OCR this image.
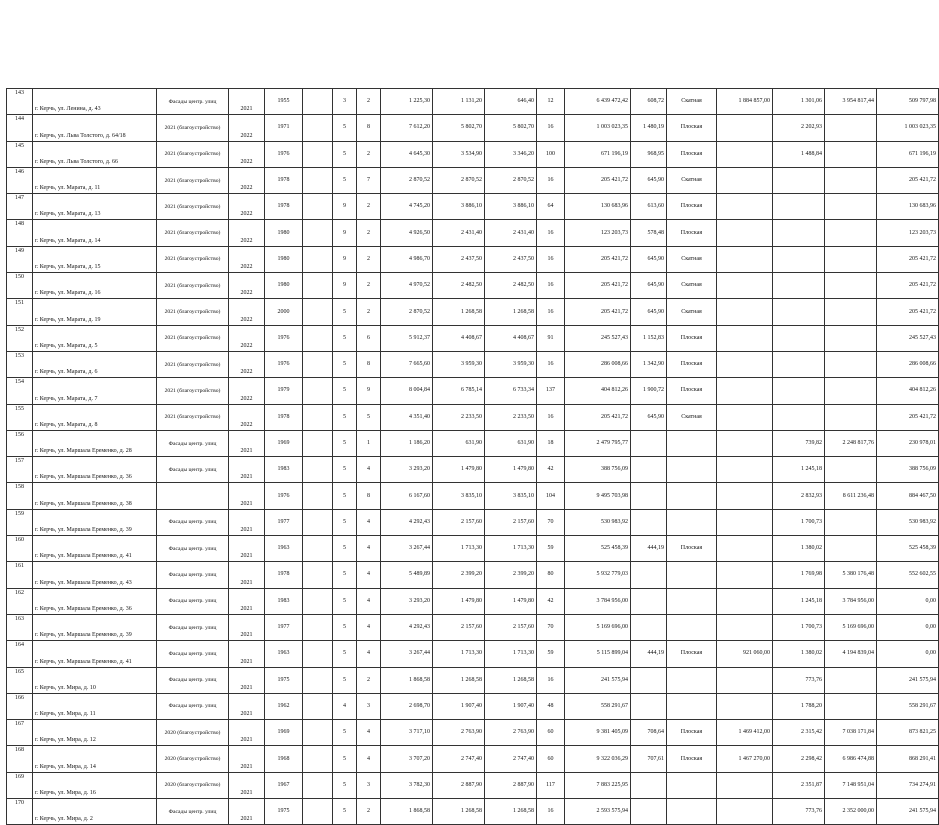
143	г. Керчь, ул. Ленина, д. 43	Фасады центр. улиц	2021	1955		3	2	1 225,30	1 131,20	646,40	12	6 439 472,42	608,72	Скатная	1 884 857,00	1 301,06	3 954 817,44	509 797,98
144	г. Керчь, ул. Льва Толстого, д. 64/18	2021 (благоустройство)	2022	1971		5	8	7 612,20	5 802,70	5 802,70	16	1 003 023,35	1 480,19	Плоская		2 202,93		1 003 023,35
145	г. Керчь, ул. Льва Толстого, д. 66	2021 (благоустройство)	2022	1976		5	2	4 645,30	3 534,90	3 346,20	100	671 196,19	968,95	Плоская		1 488,84		671 196,19
146	г. Керчь, ул. Марата, д. 11	2021 (благоустройство)	2022	1978		5	7	2 870,52	2 870,52	2 870,52	16	205 421,72	645,90	Скатная				205 421,72
147	г. Керчь, ул. Марата, д. 13	2021 (благоустройство)	2022	1978		9	2	4 745,20	3 886,10	3 886,10	64	130 683,96	613,60	Плоская				130 683,96
148	г. Керчь, ул. Марата, д. 14	2021 (благоустройство)	2022	1980		9	2	4 926,50	2 431,40	2 431,40	16	123 203,73	578,48	Плоская				123 203,73
149	г. Керчь, ул. Марата, д. 15	2021 (благоустройство)	2022	1980		9	2	4 986,70	2 437,50	2 437,50	16	205 421,72	645,90	Скатная				205 421,72
150	г. Керчь, ул. Марата, д. 16	2021 (благоустройство)	2022	1980		9	2	4 970,52	2 482,50	2 482,50	16	205 421,72	645,90	Скатная				205 421,72
151	г. Керчь, ул. Марата, д. 19	2021 (благоустройство)	2022	2000		5	2	2 870,52	1 268,58	1 268,58	16	205 421,72	645,90	Скатная				205 421,72
152	г. Керчь, ул. Марата, д. 5	2021 (благоустройство)	2022	1976		5	6	5 912,37	4 408,67	4 408,67	91	245 527,43	1 152,83	Плоская				245 527,43
153	г. Керчь, ул. Марата, д. 6	2021 (благоустройство)	2022	1976		5	8	7 665,60	3 959,30	3 959,30	16	286 008,66	1 342,90	Плоская				286 008,66
154	г. Керчь, ул. Марата, д. 7	2021 (благоустройство)	2022	1979		5	9	8 004,84	6 785,14	6 733,34	137	404 812,26	1 900,72	Плоская				404 812,26
155	г. Керчь, ул. Марата, д. 8	2021 (благоустройство)	2022	1978		5	5	4 351,40	2 233,50	2 233,50	16	205 421,72	645,90	Скатная				205 421,72
156	г. Керчь, ул. Маршала Еременко, д. 28	Фасады центр. улиц	2021	1969		5	1	1 186,20	631,90	631,90	18	2 479 795,77				739,82	2 248 817,76	230 978,01
157	г. Керчь, ул. Маршала Еременко, д. 36	Фасады центр. улиц	2021	1983		5	4	3 293,20	1 479,80	1 479,80	42	388 756,09				1 245,18		388 756,09
158	г. Керчь, ул. Маршала Еременко, д. 38		2021	1976		5	8	6 167,60	3 835,10	3 835,10	104	9 495 703,98				2 832,93	8 611 236,48	884 467,50
159	г. Керчь, ул. Маршала Еременко, д. 39	Фасады центр. улиц	2021	1977		5	4	4 292,43	2 157,60	2 157,60	70	530 983,92				1 700,73		530 983,92
160	г. Керчь, ул. Маршала Еременко, д. 41	Фасады центр. улиц	2021	1963		5	4	3 267,44	1 713,30	1 713,30	59	525 458,39	444,19	Плоская		1 380,02		525 458,39
161	г. Керчь, ул. Маршала Еременко, д. 43	Фасады центр. улиц	2021	1978		5	4	5 489,89	2 399,20	2 399,20	80	5 932 779,03				1 769,98	5 380 176,48	552 602,55
162	г. Керчь, ул. Маршала Еременко, д. 36	Фасады центр. улиц	2021	1983		5	4	3 293,20	1 479,80	1 479,80	42	3 784 956,00				1 245,18	3 784 956,00	0,00
163	г. Керчь, ул. Маршала Еременко, д. 39	Фасады центр. улиц	2021	1977		5	4	4 292,43	2 157,60	2 157,60	70	5 169 696,00				1 700,73	5 169 696,00	0,00
164	г. Керчь, ул. Маршала Еременко, д. 41	Фасады центр. улиц	2021	1963		5	4	3 267,44	1 713,30	1 713,30	59	5 115 899,04	444,19	Плоская	921 060,00	1 380,02	4 194 839,04	0,00
165	г. Керчь, ул. Мира, д. 10	Фасады центр. улиц	2021	1975		5	2	1 868,58	1 268,58	1 268,58	16	241 575,94				773,76		241 575,94
166	г. Керчь, ул. Мира, д. 11	Фасады центр. улиц	2021	1962		4	3	2 698,70	1 907,40	1 907,40	48	558 291,67				1 788,20		558 291,67
167	г. Керчь, ул. Мира, д. 12	2020 (благоустройство)	2021	1969		5	4	3 717,10	2 763,90	2 763,90	60	9 381 405,09	708,64	Плоская	1 469 412,00	2 315,42	7 038 171,84	873 821,25
168	г. Керчь, ул. Мира, д. 14	2020 (благоустройство)	2021	1968		5	4	3 707,20	2 747,40	2 747,40	60	9 322 036,29	707,61	Плоская	1 467 270,00	2 298,42	6 986 474,88	868 291,41
169	г. Керчь, ул. Мира, д. 16	2020 (благоустройство)	2021	1967		5	3	3 782,30	2 887,90	2 887,90	117	7 883 225,95				2 351,87	7 148 951,04	734 274,91
170	г. Керчь, ул. Мира, д. 2	Фасады центр. улиц	2021	1975		5	2	1 868,58	1 268,58	1 268,58	16	2 593 575,94				773,76	2 352 000,00	241 575,94
